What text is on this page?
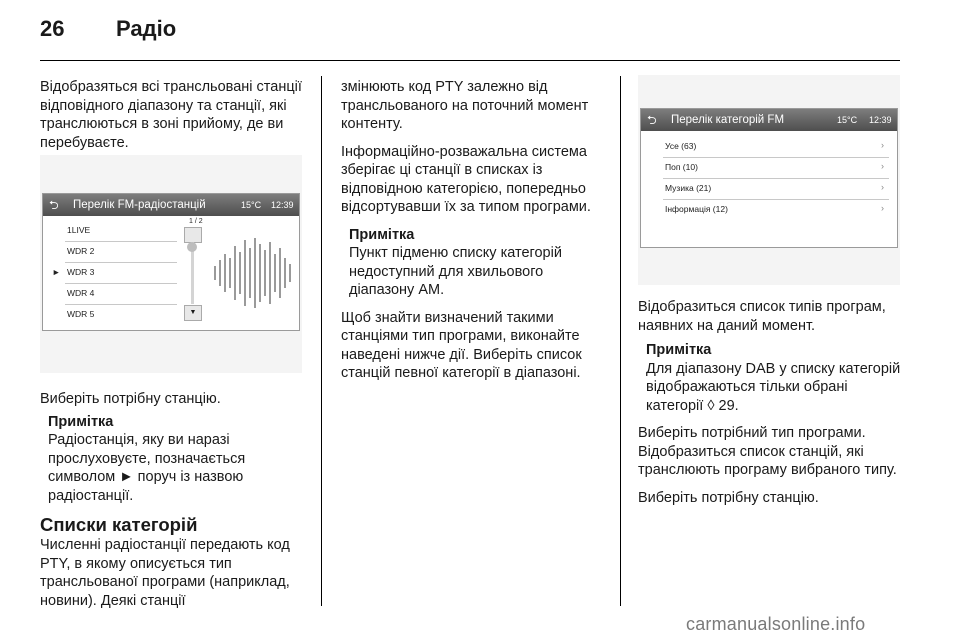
26 Радіо

Відобразяться всі трансльовані станції відповідного діапазону та станції, які транслюються в зоні прийому, де ви перебуваєте.

⮌ Перелік FM-радіостанцій	15°C 12:39
1 / 2
►
1LIVE
WDR 2
WDR 3
WDR 4
WDR 5	▼

Виберіть потрібну станцію.

Примітка
Радіостанція, яку ви наразі прослуховуєте, позначається символом ► поруч із назвою радіостанції.
Списки категорій

Численні радіостанції передають код PTY, в якому описується тип трансльованої програми (наприклад, новини). Деякі станції

змінюють код PTY залежно від трансльованого на поточний момент контенту.

Інформаційно-розважальна система зберігає ці станції в списках із відповідною категорією, попередньо відсортувавши їх за типом програми.

Примітка
Пункт підменю списку категорій недоступний для хвильового діапазону AM.

Щоб знайти визначений такими станціями тип програми, виконайте наведені нижче дії. Виберіть список станцій певної категорії в діапазоні.

⮌ Перелік категорій FM	15°C 12:39
Усе (63)	›
Поп (10)	›
Музика (21)	›
Інформація (12)	›

Відобразиться список типів програм, наявних на даний момент.

Примітка
Для діапазону DAB у списку категорій відображаються тільки обрані категорії ◊ 29.

Виберіть потрібний тип програми. Відобразиться список станцій, які транслюють програму вибраного типу.

Виберіть потрібну станцію.

carmanualsonline.info
